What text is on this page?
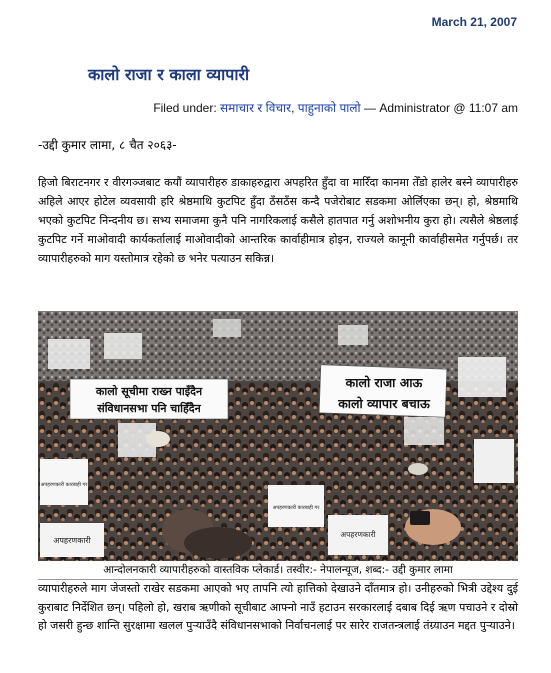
March 21, 2007
कालो राजा र काला व्यापारी
Filed under: समाचार र विचार, पाहुनाको पालो — Administrator @ 11:07 am
-उद्दी कुमार लामा, ८ चैत २०६३-

हिजो बिराटनगर र वीरगञ्जबाट कयौं व्यापारीहरु डाकाहरुद्वारा अपहरित हुँदा वा मारिँदा कानमा तेँडो हालेर बस्ने व्यापारीहरु अहिले आएर होटेल व्यवसायी हरि श्रेष्ठमाथि कुटपिट हुँदा ठँसठँस कन्दै पजेरोबाट सडकमा ओर्लिएका छन्। हो, श्रेष्ठमाथि भएको कुटपिट निन्दनीय छ। सभ्य समाजमा कुनै पनि नागरिकलाई कसैले हातपात गर्नु अशोभनीय कुरा हो। त्यसैले श्रेष्ठलाई कुटपिट गर्ने माओवादी कार्यकर्तालाई माओवादीको आन्तरिक कार्वाहीमात्र होइन, राज्यले कानूनी कार्वाहीसमेत गर्नुपर्छ। तर व्यापारीहरुको माग यस्तोमात्र रहेको छ भनेर पत्याउन सकिन्न।

कालो सूचीमा राख्न पाइँदैन
संविधानसभा पनि चाहिँदैन
कालो राजा आऊ
कालो व्यापार बचाऊ
अपहरणकारी कारबाही गर
अपहरणकारी
अपहरणकारी कारबाही गर
अपहरणकारी
आन्दोलनकारी व्यापारीहरुको वास्तविक प्लेकार्ड। तस्वीर:- नेपालन्यूज, शब्द:- उद्दी कुमार लामा

व्यापारीहरुले माग जेजस्तो राखेर सडकमा आएको भए तापनि त्यो हात्तिको देखाउने दाँतमात्र हो। उनीहरुको भित्री उद्देश्य दुई कुराबाट निर्देशित छन्। पहिलो हो, खराब ऋणीको सूचीबाट आफ्नो नाउँ हटाउन सरकारलाई दबाब दिई ऋण पचाउने र दोस्रो हो जसरी हुन्छ शान्ति सुरक्षामा खलल पुऱ्याउँदै संविधानसभाको निर्वाचनलाई पर सारेर राजतन्त्रलाई तंग्र्याउन मद्दत पुऱ्याउने।
